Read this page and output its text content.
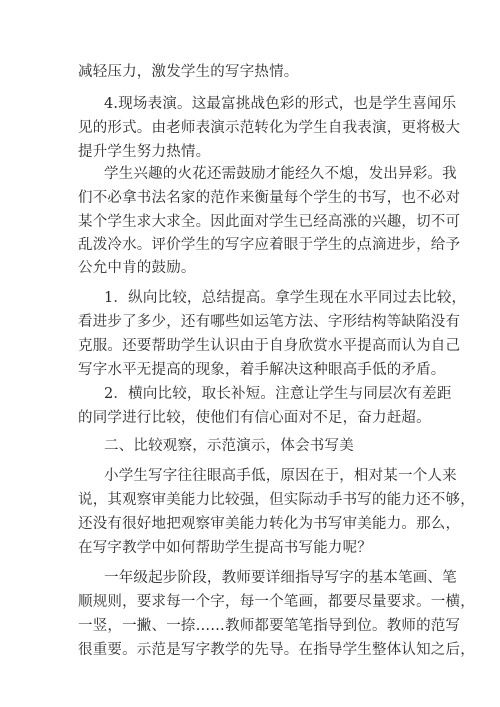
减轻压力，激发学生的写字热情。
4.现场表演。这最富挑战色彩的形式，也是学生喜闻乐
见的形式。由老师表演示范转化为学生自我表演，更将极大
提升学生努力热情。
学生兴趣的火花还需鼓励才能经久不熄，发出异彩。我
们不必拿书法名家的范作来衡量每个学生的书写，也不必对
某个学生求大求全。因此面对学生已经高涨的兴趣，切不可
乱泼冷水。评价学生的写字应着眼于学生的点滴进步，给予
公允中肯的鼓励。
1．纵向比较，总结提高。拿学生现在水平同过去比较，
看进步了多少，还有哪些如运笔方法、字形结构等缺陷没有
克服。还要帮助学生认识由于自身欣赏水平提高而认为自己
写字水平无提高的现象，着手解决这种眼高手低的矛盾。
2．横向比较，取长补短。注意让学生与同层次有差距
的同学进行比较，使他们有信心面对不足，奋力赶超。
二、比较观察，示范演示，体会书写美
小学生写字往往眼高手低，原因在于，相对某一个人来
说，其观察审美能力比较强，但实际动手书写的能力还不够，
还没有很好地把观察审美能力转化为书写审美能力。那么，
在写字教学中如何帮助学生提高书写能力呢？
一年级起步阶段，教师要详细指导写字的基本笔画、笔
顺规则，要求每一个字，每一个笔画，都要尽量要求。一横，
一竖，一撇、一捺……教师都要笔笔指导到位。教师的范写
很重要。示范是写字教学的先导。在指导学生整体认知之后，
